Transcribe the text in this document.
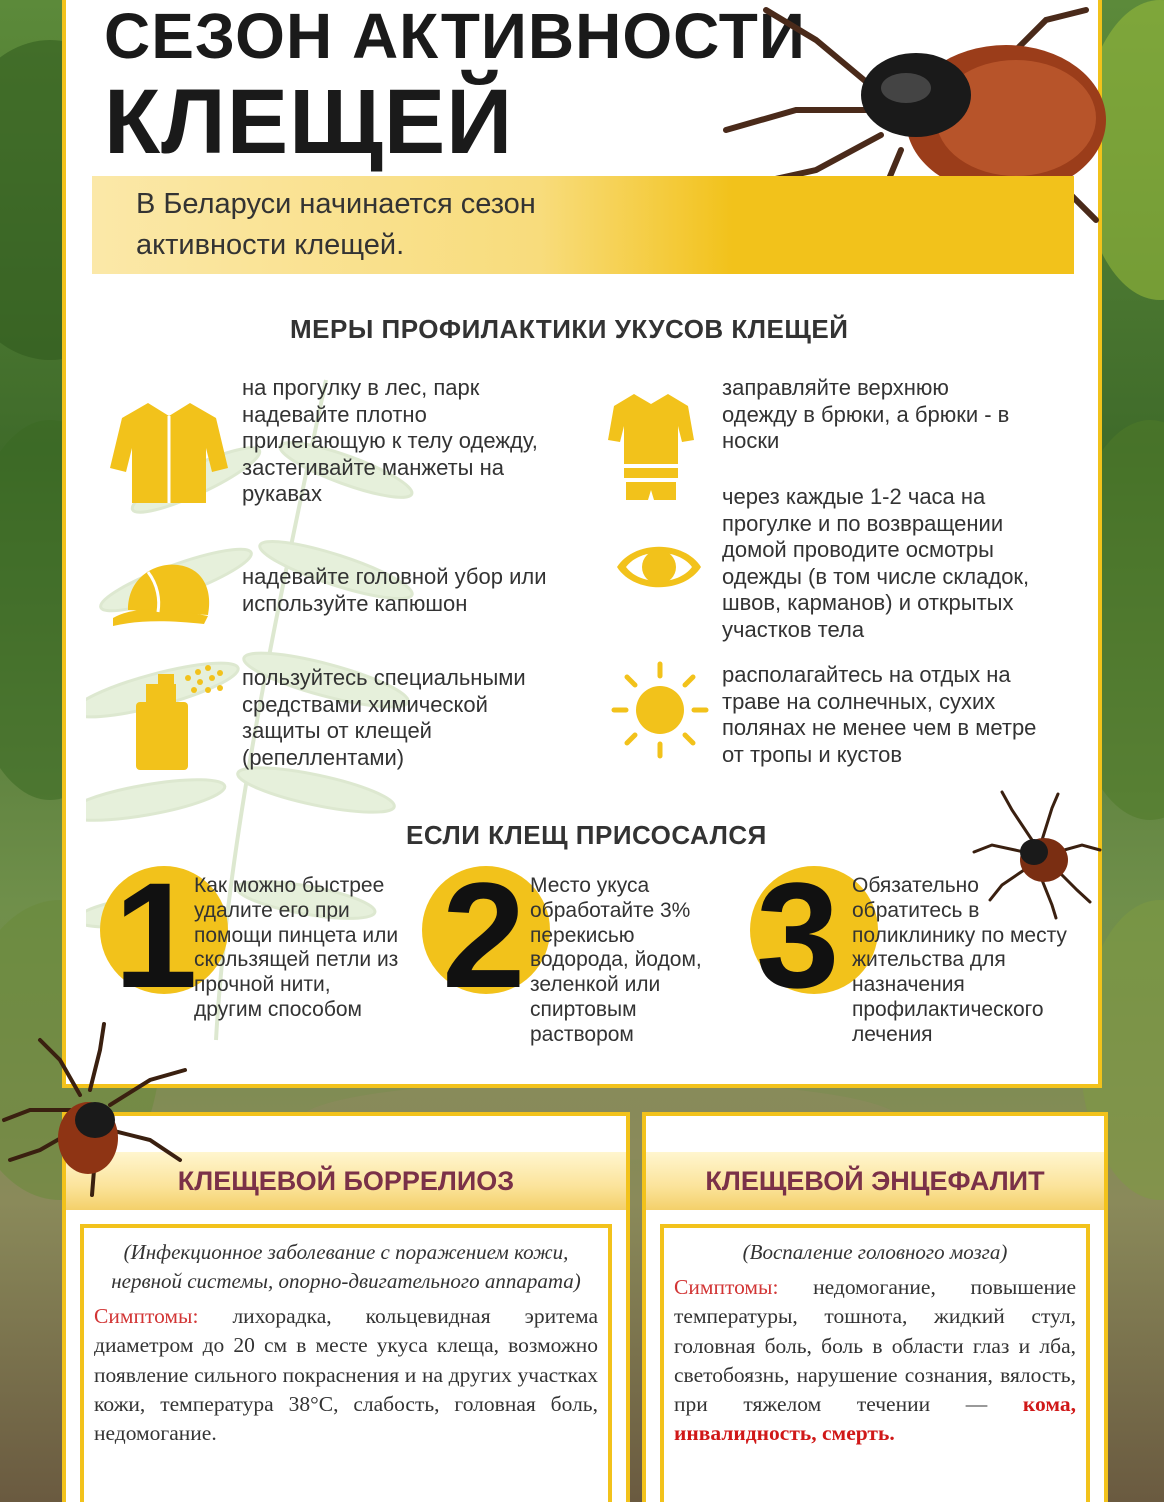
СЕЗОН АКТИВНОСТИ
КЛЕЩЕЙ
В Беларуси начинается сезон активности клещей.
МЕРЫ ПРОФИЛАКТИКИ УКУСОВ КЛЕЩЕЙ
на прогулку в лес, парк надевайте плотно прилегающую к телу одежду, застегивайте манжеты на рукавах
надевайте головной убор или используйте капюшон
пользуйтесь специальными средствами химической защиты от клещей (репеллентами)
заправляйте верхнюю одежду в брюки, а брюки - в носки
через каждые 1-2 часа на прогулке и по возвращении домой проводите осмотры одежды (в том числе складок, швов, карманов) и открытых участков тела
располагайтесь на отдых на траве на солнечных, сухих полянах не менее чем в метре от тропы и кустов
ЕСЛИ КЛЕЩ ПРИСОСАЛСЯ
1
Как можно быстрее удалите его при помощи пинцета или скользящей петли из прочной нити, другим способом 2 Место укуса обработайте 3% перекисью водорода, йодом, зеленкой или спиртовым раствором
3 Обязательно обратитесь в поликлинику по месту жительства для назначения профилактического лечения
КЛЕЩЕВОЙ БОРРЕЛИОЗ

(Инфекционное заболевание с поражением кожи, нервной системы, опорно-двигательного аппарата)

Симптомы: лихорадка, кольцевидная эритема диаметром до 20 см в месте укуса клеща, возможно появление сильного покраснения и на других участках кожи, температура 38°С, слабость, головная боль, недомогание.

КЛЕЩЕВОЙ ЭНЦЕФАЛИТ

(Воспаление головного мозга)

Симптомы: недомогание, повышение температуры, тошнота, жидкий стул, головная боль, боль в области глаз и лба, светобоязнь, нарушение сознания, вялость, при тяжелом течении — кома, инвалидность, смерть.
